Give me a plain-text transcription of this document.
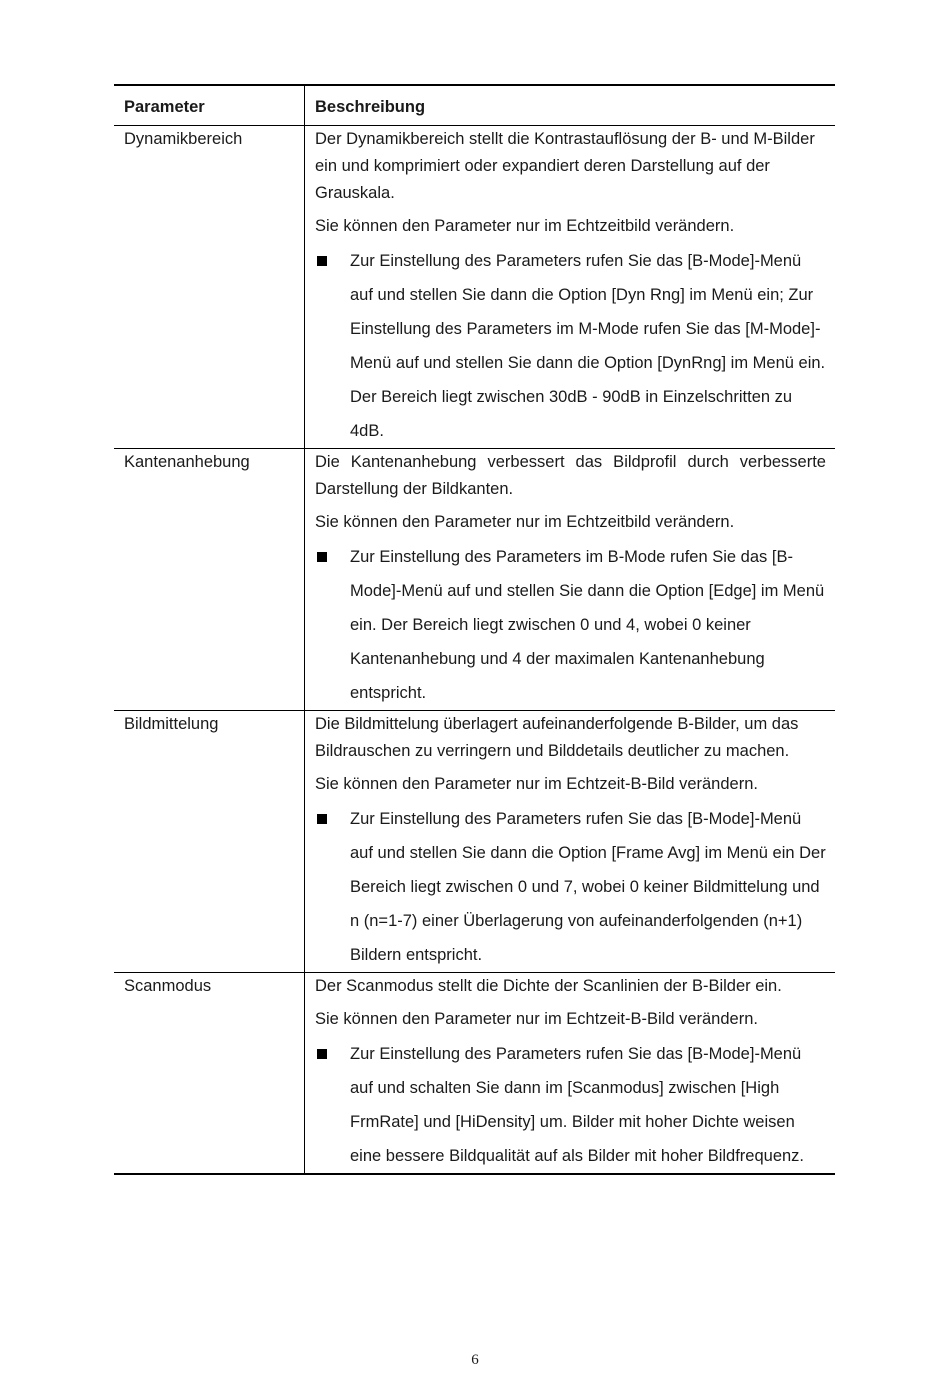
Parameter	Beschreibung
Dynamikbereich	Der Dynamikbereich stellt die Kontrastauflösung der B- und M-Bilder ein und komprimiert oder expandiert deren Darstellung auf der Grauskala.

Sie können den Parameter nur im Echtzeitbild verändern.

Zur Einstellung des Parameters rufen Sie das [B-Mode]-Menü auf und stellen Sie dann die Option [Dyn Rng] im Menü ein; Zur Einstellung des Parameters im M-Mode rufen Sie das [M-Mode]-Menü auf und stellen Sie dann die Option [DynRng] im Menü ein. Der Bereich liegt zwischen 30dB - 90dB in Einzelschritten zu 4dB.
Kantenanhebung	Die Kantenanhebung verbessert das Bildprofil durch verbesserte Darstellung der Bildkanten.

Sie können den Parameter nur im Echtzeitbild verändern.

Zur Einstellung des Parameters im B-Mode rufen Sie das [B-Mode]-Menü auf und stellen Sie dann die Option [Edge] im Menü ein. Der Bereich liegt zwischen 0 und 4, wobei 0 keiner Kantenanhebung und 4 der maximalen Kantenanhebung entspricht.
Bildmittelung	Die Bildmittelung überlagert aufeinanderfolgende B-Bilder, um das Bildrauschen zu verringern und Bilddetails deutlicher zu machen.

Sie können den Parameter nur im Echtzeit-B-Bild verändern.

Zur Einstellung des Parameters rufen Sie das [B-Mode]-Menü auf und stellen Sie dann die Option [Frame Avg] im Menü ein Der Bereich liegt zwischen 0 und 7, wobei 0 keiner Bildmittelung und n (n=1-7) einer Überlagerung von aufeinanderfolgenden (n+1) Bildern entspricht.
Scanmodus	Der Scanmodus stellt die Dichte der Scanlinien der B-Bilder ein.

Sie können den Parameter nur im Echtzeit-B-Bild verändern.

Zur Einstellung des Parameters rufen Sie das [B-Mode]-Menü auf und schalten Sie dann im [Scanmodus] zwischen [High FrmRate] und [HiDensity] um. Bilder mit hoher Dichte weisen eine bessere Bildqualität auf als Bilder mit hoher Bildfrequenz.
6
